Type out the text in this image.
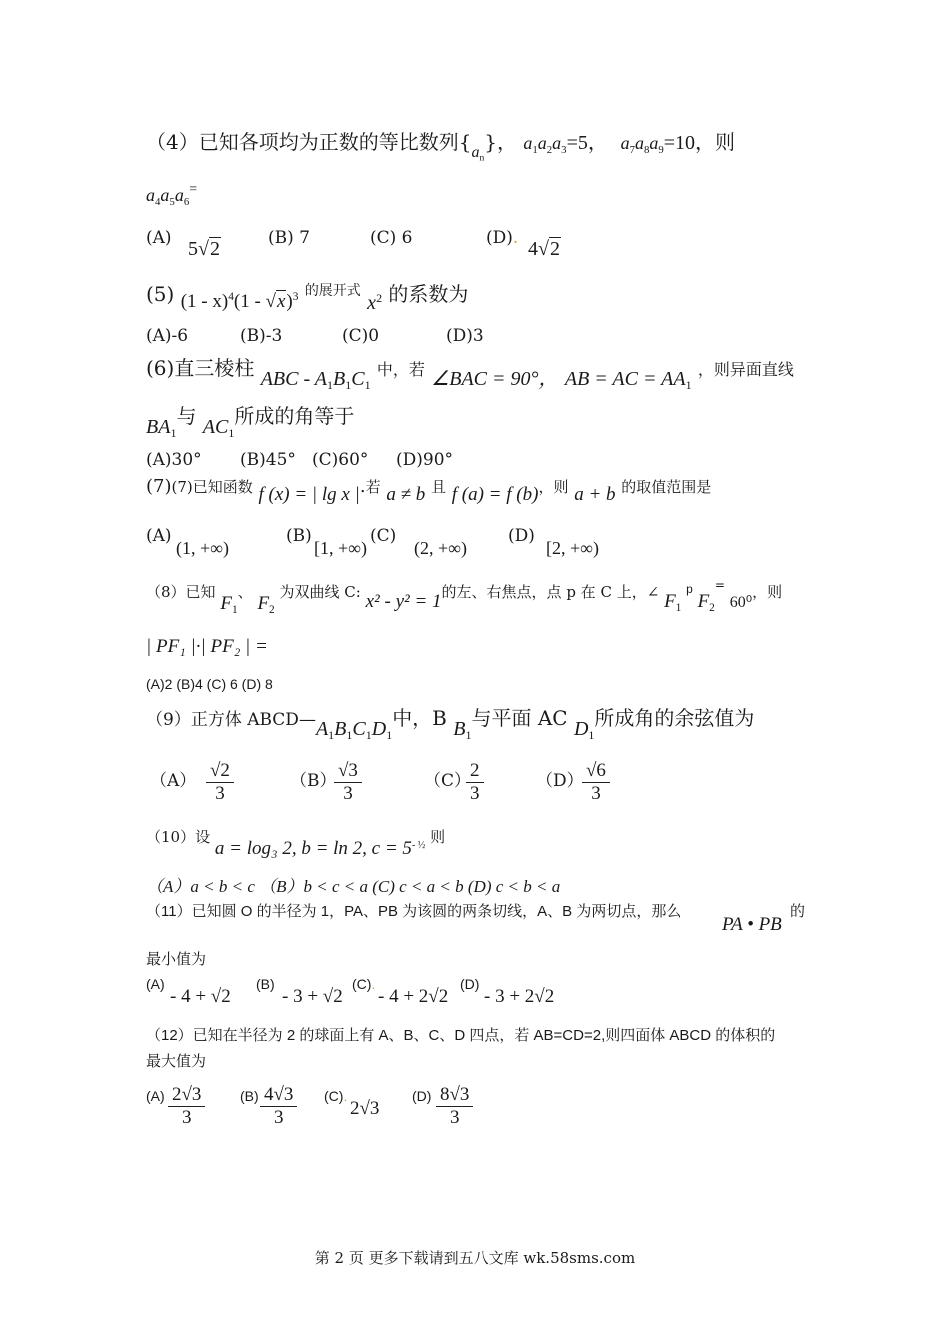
（4）已知各项均为正数的等比数列$\{_{a_n}\}$， $a_1a_2a_3=5$， $a_7a_8a_9=10$，则
$a_4a_5a_6^=$
(A) 5√2	(B) 7	(C) 6	(D). 4√2
(5) (1 - x)$^4$(1 - √x)$^3$ $^{的展开式}$ $x^2$ 的系数为
(A)-6	(B)-3	(C)0	(D)3
(6)直三棱柱 ABC - $A_1B_1C_1$ 中，若 ∠BAC = 90°， AB = AC = $AA_1$ ，则异面直线
$BA_1$与 $AC_1$所成的角等于
(A)30° (B)45° (C)60° (D)90°
(7)(7)已知函数 f (x) = | lg x |.若 a ≠ b 且 f (a) = f (b)，则 a + b 的取值范围是
(A)
(1, +∞)
(B)
[1, +∞)
(C)
(2, +∞)
(D)
[2, +∞)
（8）已知 $F_1$、 $F_2$ 为双曲线 C: x² - y² = 1的左、右焦点，点 p 在 C 上，∠ $F_1$ $^p$ $F_2^=$ 60⁰，则
| PF₁ |·| PF₂ | =
(A)2 (B)4 (C) 6 (D) 8
（9）正方体 $ABCD—A_1B_1C_1D_1$中，B $B_1$与平面 AC $D_1$所成角的余弦值为
$(A) \frac{√2}{3}$	（B）
$\frac{√3}{3}$	（C）
$\frac{2}{3}$	（D）
$\frac{√6}{3}$
（10）设 a = log₃ 2, b = ln 2, $c = 5^{- \frac{1}{2}}$ 则
（A）a < b < c （B）b < c < a (C) c < a < b (D) c < b < a
（11）已知圆 O 的半径为 1，PA、PB 为该圆的两条切线，A、B 为两切点，那么
PA • PB
的
最小值为
(A)
- 4 + √2
(B)
- 3 + √2
(C).
- 4 + 2√2
(D)
- 3 + 2√2
（12）已知在半径为 2 的球面上有 A、B、C、D 四点，若 AB=CD=2,则四面体 ABCD 的体积的
最大值为
$(A) \frac{2√3}{3} (B) \frac{4√3}{3} (C)$.
2√3
$(D) \frac{8√3}{3}$
第 2 页 更多下载请到五八文库 wk.58sms.com
